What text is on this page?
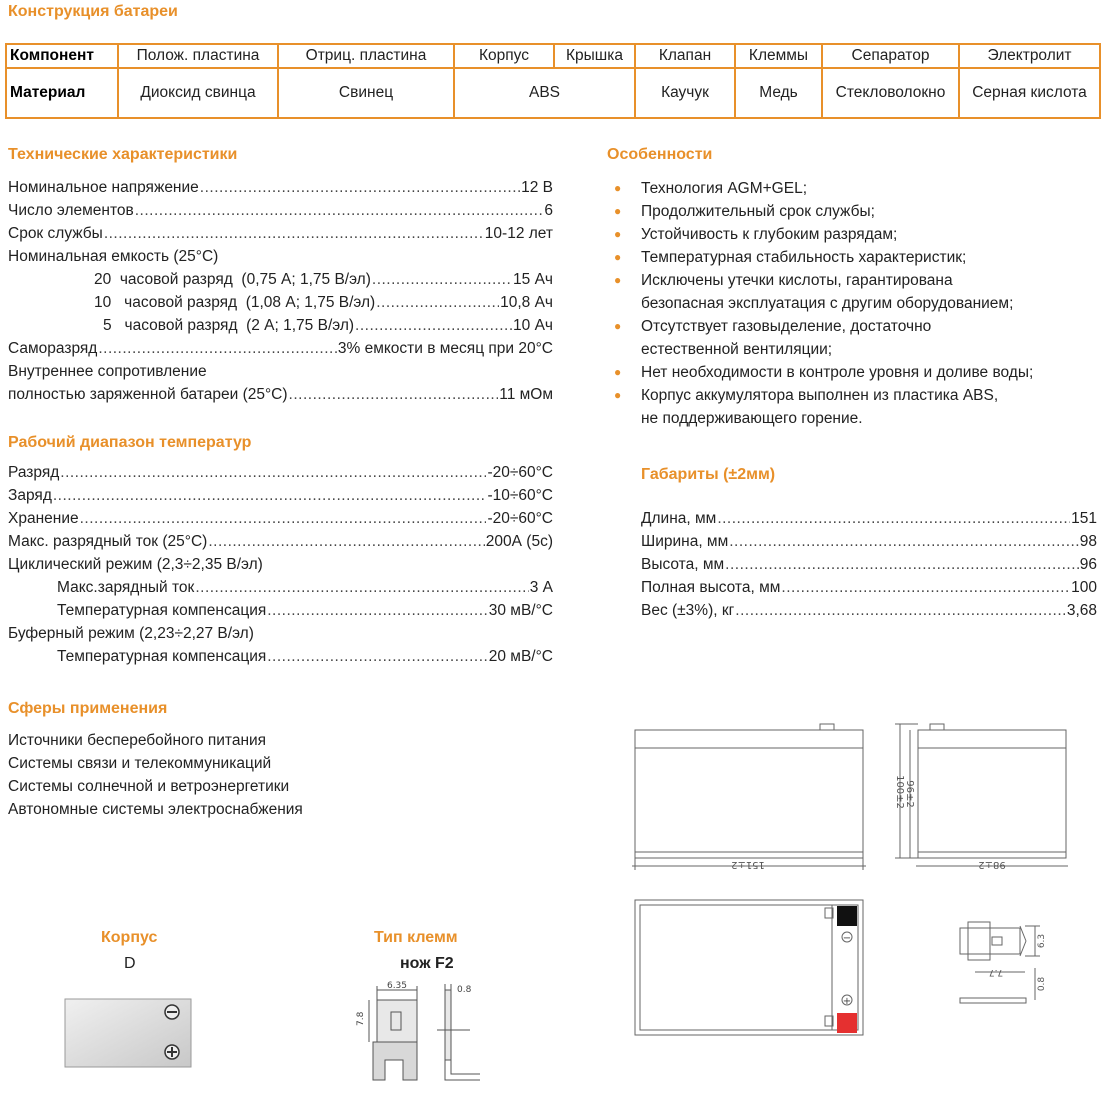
Конструкция батареи
Компонент	Полож. пластина	Отриц. пластина	Корпус	Крышка	Клапан	Клеммы	Сепаратор	Электролит
Материал	Диоксид свинца	Свинец	ABS		Каучук	Медь	Стекловолокно	Серная кислота
Технические характеристики
Номинальное напряжение .....	12 В
Число элементов .....	6
Срок службы .....	10-12 лет
Номинальная емкость (25°С)
20  часовой разряд  (0,75 А; 1,75 В/эл) .....	15 Ач
10   часовой разряд  (1,08 А; 1,75 В/эл) .....	10,8 Ач
5   часовой разряд  (2 А; 1,75 В/эл) .....	10 Ач
Саморазряд .....	3% емкости в месяц при 20°С
Внутреннее сопротивление
полностью заряженной батареи (25°С) .....	11 мОм
Рабочий диапазон температур
Разряд .....	-20÷60°С
Заряд .....	-10÷60°С
Хранение .....	-20÷60°С
Макс. разрядный ток (25°С) .....	200А (5с)
Циклический режим (2,3÷2,35 В/эл)
Макс.зарядный ток .....	3 А
Температурная компенсация .....	30 мВ/°С
Буферный режим (2,23÷2,27 В/эл)
Температурная компенсация .....	20 мВ/°С
Сферы применения
Источники бесперебойного питания
Системы связи и телекоммуникаций
Системы солнечной и ветроэнергетики
Автономные системы электроснабжения
Особенности
● Технология AGM+GEL;
● Продолжительный срок службы;
● Устойчивость к глубоким разрядам;
● Температурная стабильность характеристик;
● Исключены утечки кислоты, гарантирована
безопасная эксплуатация с другим оборудованием;
● Отсутствует газовыделение, достаточно
естественной вентиляции;
● Нет необходимости в контроле уровня и доливе воды;
● Корпус аккумулятора выполнен из пластика ABS,
не поддерживающего горение.
Габариты (±2мм)
Длина, мм .....	151
Ширина, мм .....	98
Высота, мм .....	96
Полная высота, мм .....	100
Вес (±3%), кг .....	3,68
−
+
151±2	98±2
100±2 96±2
6.3
7.7
0.8
Корпус
D
Тип клемм
нож F2
6.35	0.8
7.8
